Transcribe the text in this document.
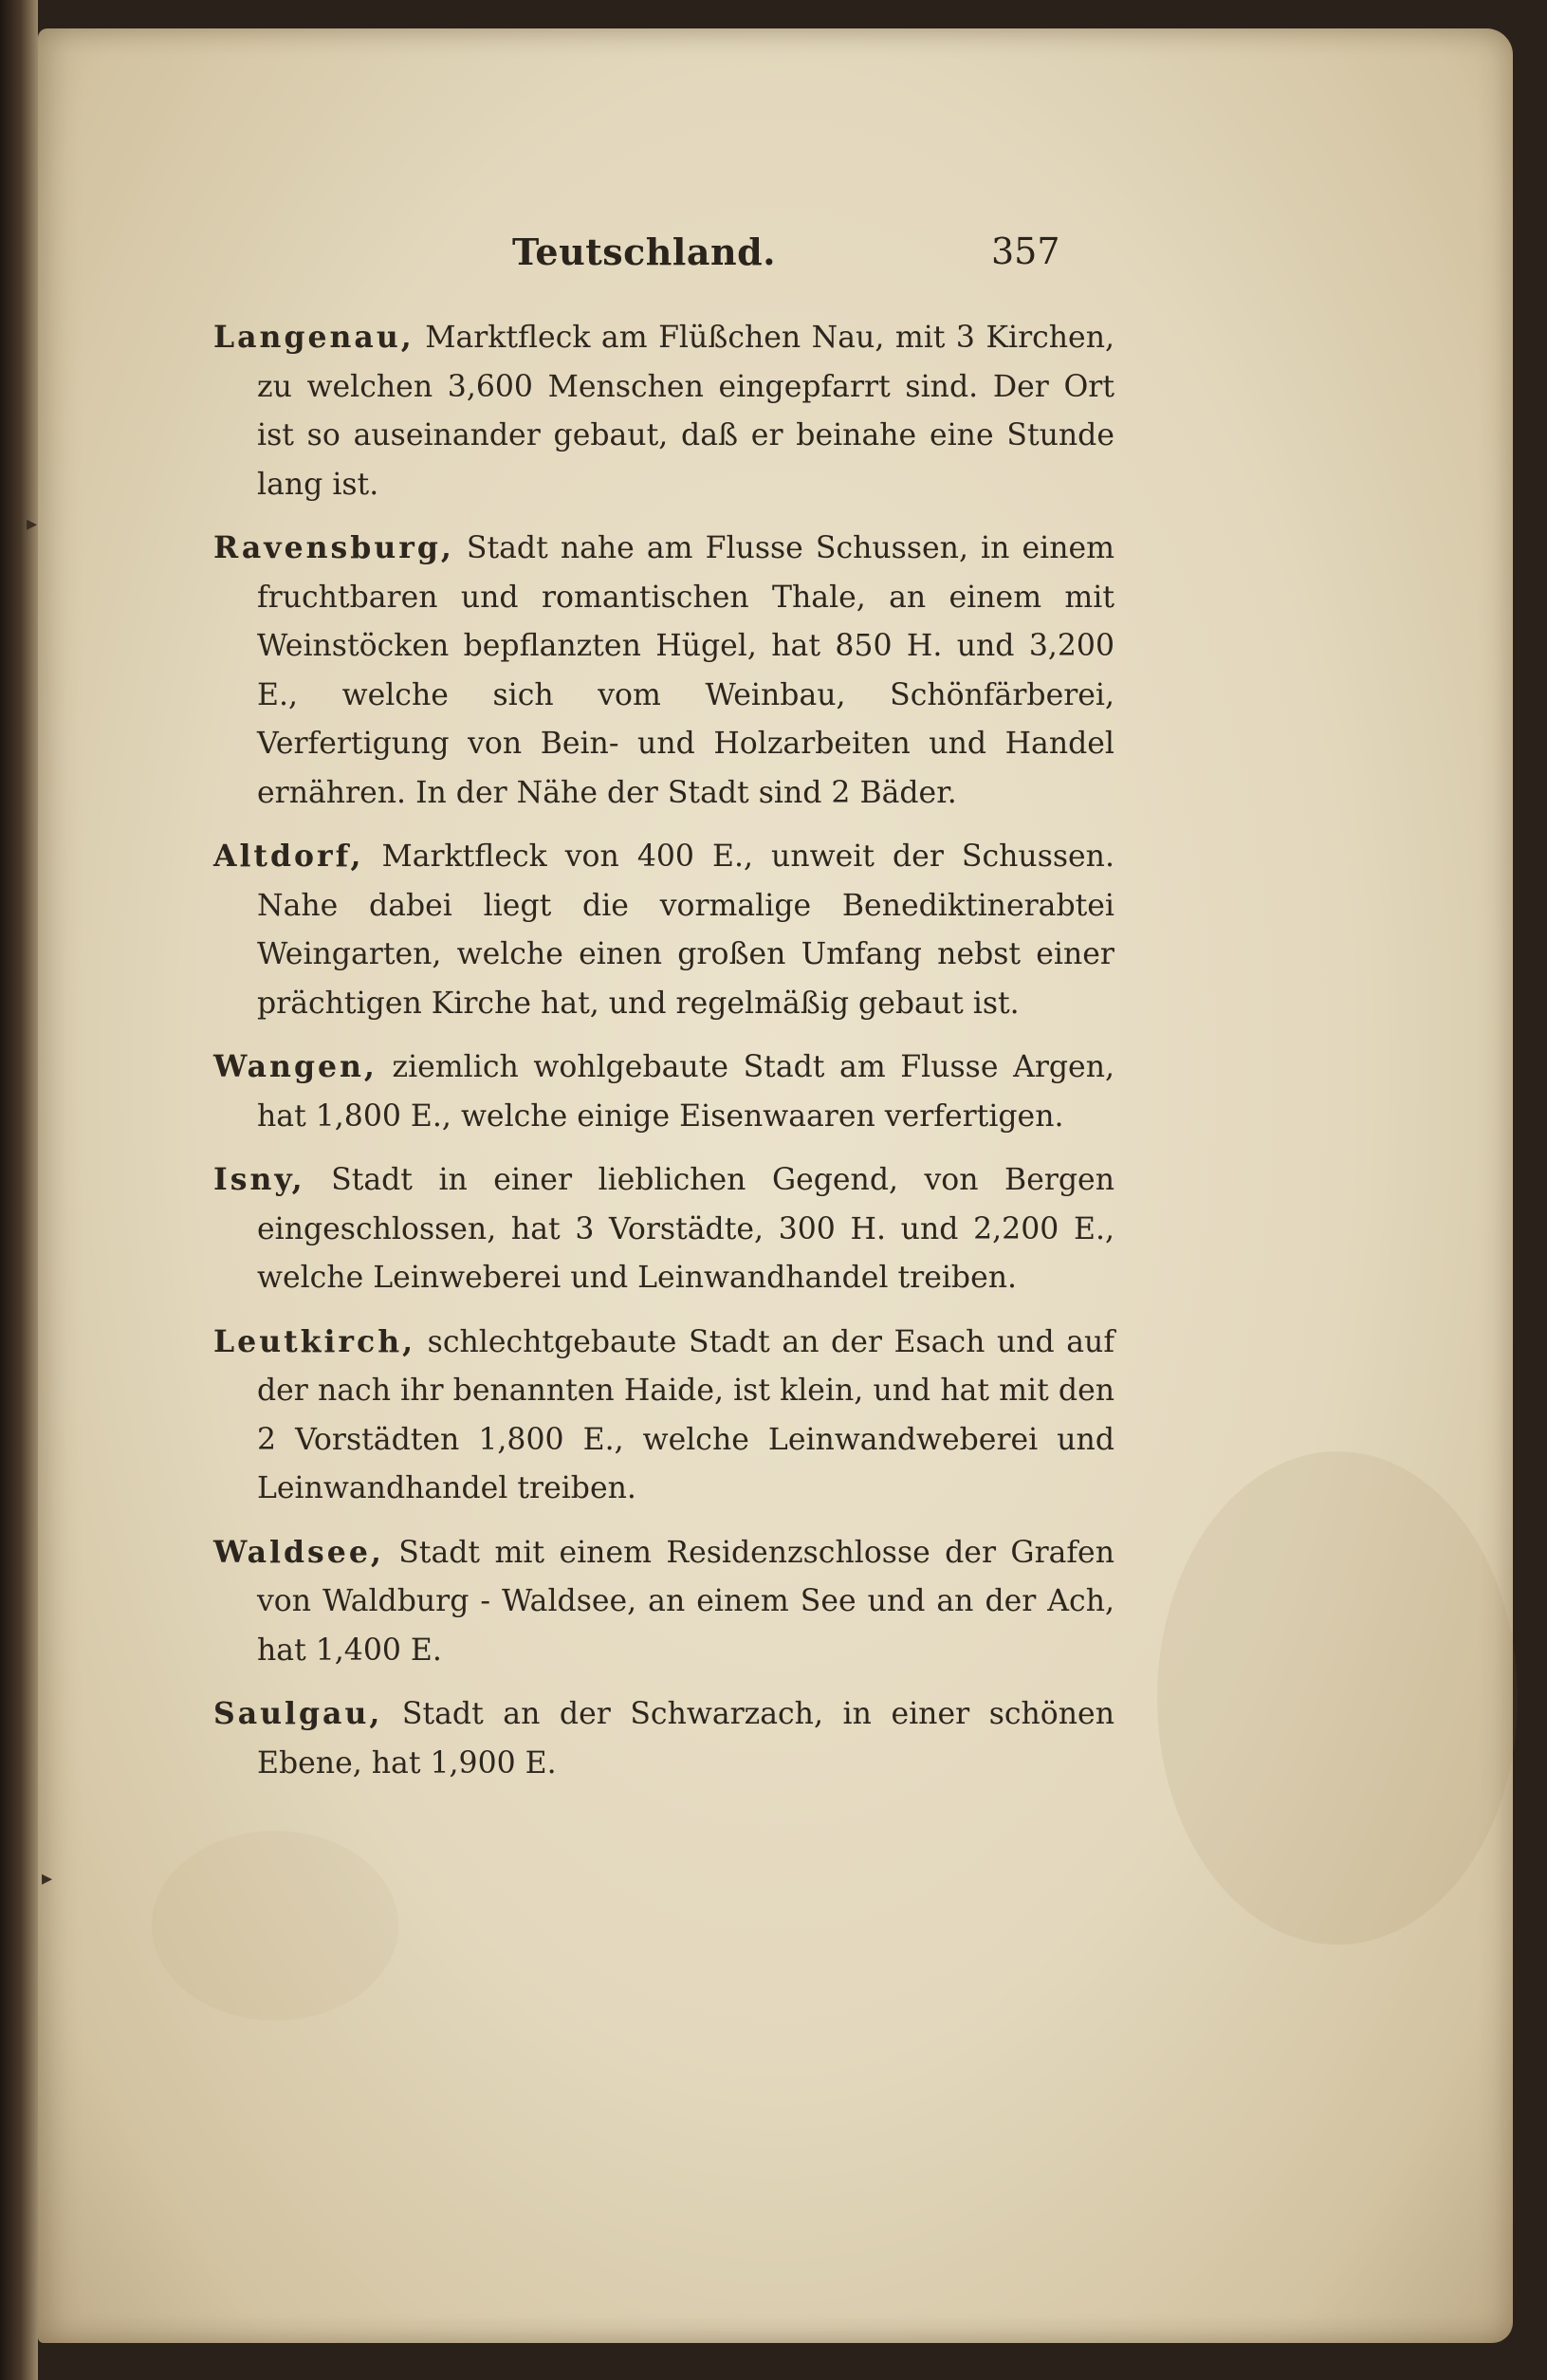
Teutschland.	357
▸
▸

Langenau, Marktfleck am Flüßchen Nau, mit 3 Kirchen, zu welchen 3,600 Menschen eingepfarrt sind. Der Ort ist so auseinander gebaut, daß er beinahe eine Stunde lang ist.

Ravensburg, Stadt nahe am Flusse Schussen, in einem fruchtbaren und romantischen Thale, an einem mit Weinstöcken bepflanzten Hügel, hat 850 H. und 3,200 E., welche sich vom Weinbau, Schönfärberei, Verfertigung von Bein- und Holzarbeiten und Handel ernähren. In der Nähe der Stadt sind 2 Bäder.

Altdorf, Marktfleck von 400 E., unweit der Schussen. Nahe dabei liegt die vormalige Benediktinerabtei Weingarten, welche einen großen Umfang nebst einer prächtigen Kirche hat, und regelmäßig gebaut ist.

Wangen, ziemlich wohlgebaute Stadt am Flusse Argen, hat 1,800 E., welche einige Eisenwaaren verfertigen.

Isny, Stadt in einer lieblichen Gegend, von Bergen eingeschlossen, hat 3 Vorstädte, 300 H. und 2,200 E., welche Leinweberei und Leinwandhandel treiben.

Leutkirch, schlechtgebaute Stadt an der Esach und auf der nach ihr benannten Haide, ist klein, und hat mit den 2 Vorstädten 1,800 E., welche Leinwandweberei und Leinwandhandel treiben.

Waldsee, Stadt mit einem Residenzschlosse der Grafen von Waldburg - Waldsee, an einem See und an der Ach, hat 1,400 E.

Saulgau, Stadt an der Schwarzach, in einer schönen Ebene, hat 1,900 E.
